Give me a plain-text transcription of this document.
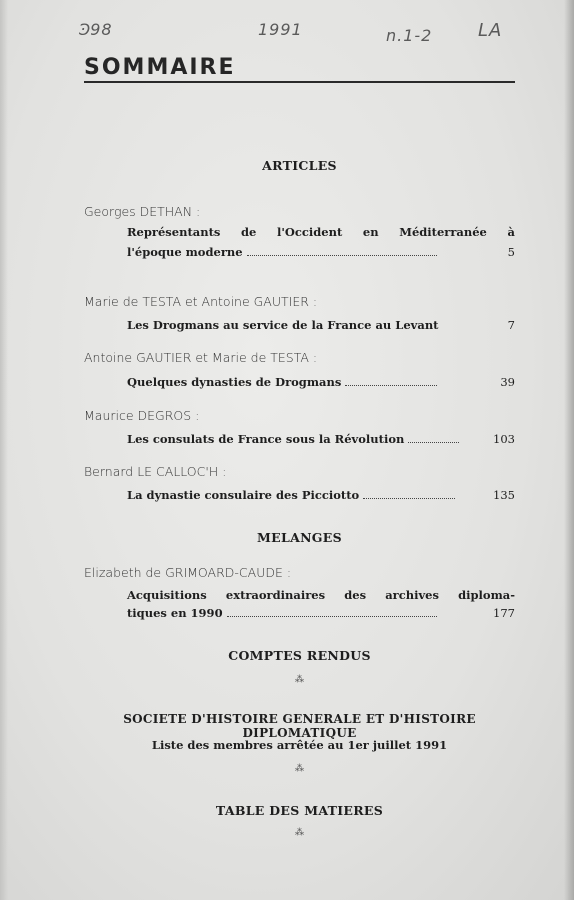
Ͽ98	1991	n.1-2	LA
SOMMAIRE
ARTICLES
Georges DETHAN :
Représentants de l'Occident en Méditerranée à
l'époque moderne	5
Marie de TESTA et Antoine GAUTIER :
Les Drogmans au service de la France au Levant	7
Antoine GAUTIER et Marie de TESTA :
Quelques dynasties de Drogmans	39
Maurice DEGROS :
Les consulats de France sous la Révolution	103
Bernard LE CALLOC'H :
La dynastie consulaire des Picciotto	135
MELANGES
Elizabeth de GRIMOARD-CAUDE :
Acquisitions extraordinaires des archives diploma-
tiques en 1990	177
COMPTES RENDUS
⁂
SOCIETE D'HISTOIRE GENERALE ET D'HISTOIRE DIPLOMATIQUE
Liste des membres arrêtée au 1er juillet 1991
⁂
TABLE DES MATIERES
⁂
